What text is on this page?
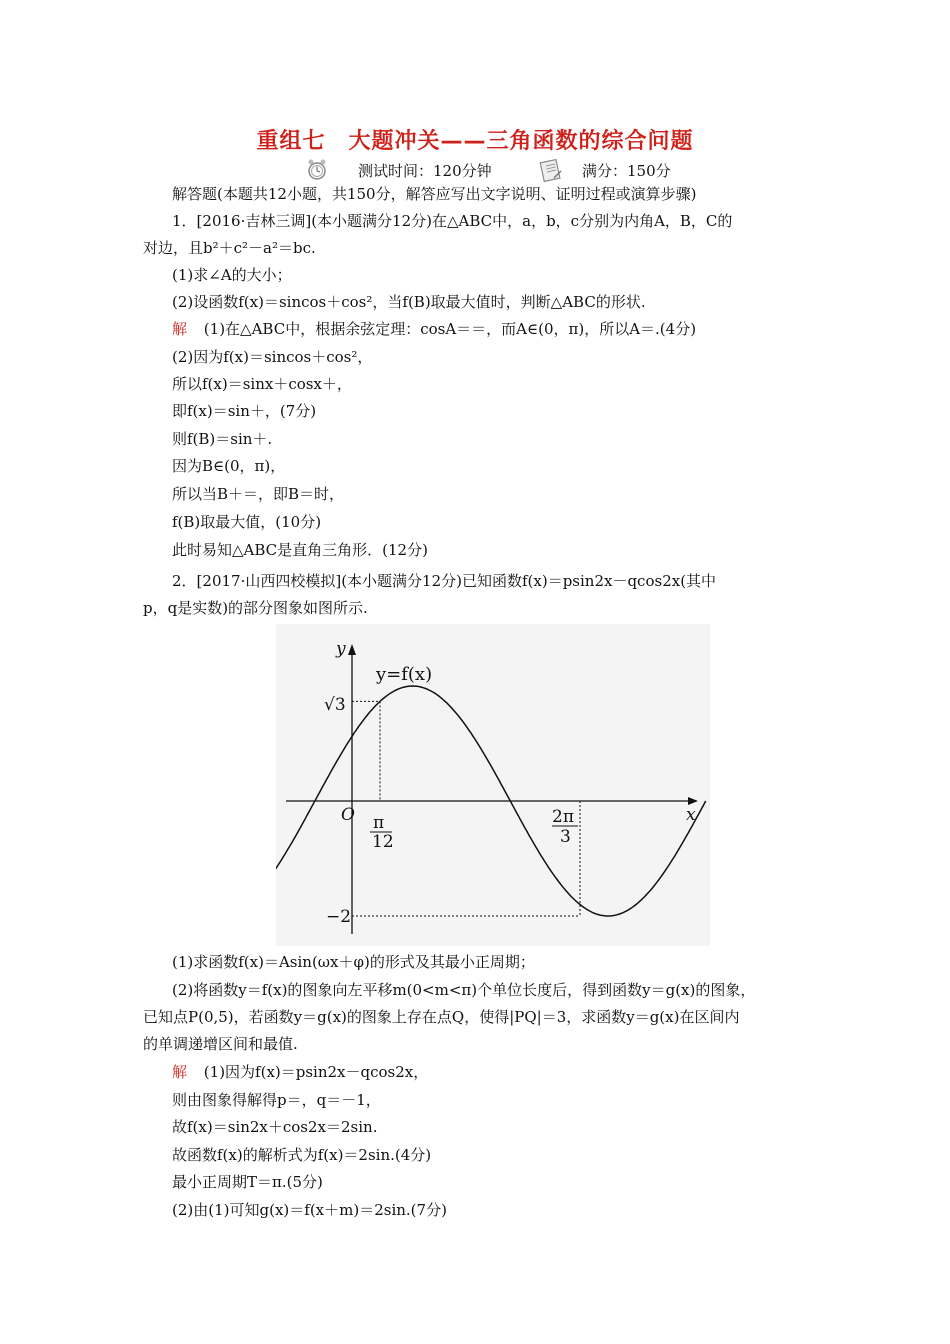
重组七　大题冲关——三角函数的综合问题
测试时间：120分钟	满分：150分
解答题(本题共12小题，共150分，解答应写出文字说明、证明过程或演算步骤)
1．[2016·吉林三调](本小题满分12分)在△ABC中，a，b，c分别为内角A，B，C的
对边，且b²＋c²－a²＝bc.
(1)求∠A的大小；
(2)设函数f(x)＝sincos＋cos²，当f(B)取最大值时，判断△ABC的形状.
解 (1)在△ABC中，根据余弦定理：cosA＝＝，而A∈(0，π)，所以A＝.(4分)
(2)因为f(x)＝sincos＋cos²，
所以f(x)＝sinx＋cosx＋，
即f(x)＝sin＋，(7分)
则f(B)＝sin＋.
因为B∈(0，π)，
所以当B＋＝，即B＝时，
f(B)取最大值，(10分)
此时易知△ABC是直角三角形．(12分)
2．[2017·山西四校模拟](本小题满分12分)已知函数f(x)＝psin2x－qcos2x(其中
p，q是实数)的部分图象如图所示.
y
x
O
y=f(x)
√3
π
12
2π
3
−2
(1)求函数f(x)＝Asin(ωx＋φ)的形式及其最小正周期；
(2)将函数y＝f(x)的图象向左平移m(0<m<π)个单位长度后，得到函数y＝g(x)的图象，
已知点P(0,5)，若函数y＝g(x)的图象上存在点Q，使得|PQ|＝3，求函数y＝g(x)在区间内
的单调递增区间和最值.
解 (1)因为f(x)＝psin2x－qcos2x，
则由图象得解得p＝，q＝－1，
故f(x)＝sin2x＋cos2x＝2sin.
故函数f(x)的解析式为f(x)＝2sin.(4分)
最小正周期T＝π.(5分)
(2)由(1)可知g(x)＝f(x＋m)＝2sin.(7分)
